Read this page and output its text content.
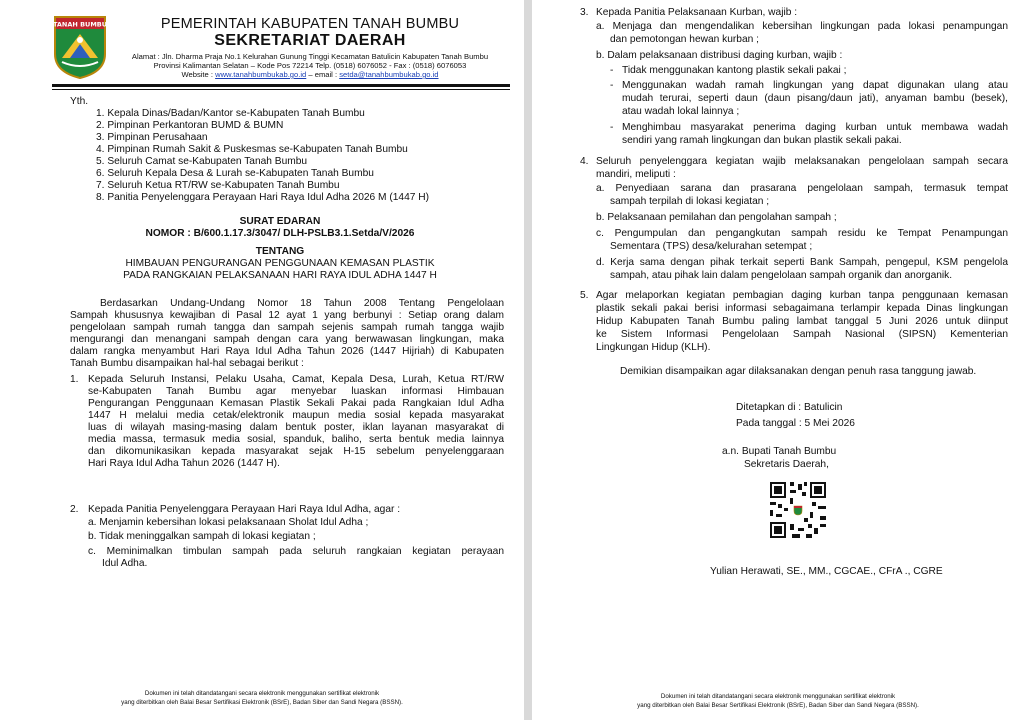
TANAH BUMBU	PEMERINTAH KABUPATEN TANAH BUMBU
SEKRETARIAT DAERAH
Alamat : Jln. Dharma Praja No.1 Kelurahan Gunung Tinggi Kecamatan Batulicin Kabupaten Tanah Bumbu
Provinsi Kalimantan Selatan – Kode Pos 72214 Telp. (0518) 6076052 - Fax : (0518) 6076053
Website : www.tanahbumbukab.go.id – email : setda@tanahbumbukab.go.id
Yth.
1. Kepala Dinas/Badan/Kantor se-Kabupaten Tanah Bumbu
2. Pimpinan Perkantoran BUMD & BUMN
3. Pimpinan Perusahaan
4. Pimpinan Rumah Sakit & Puskesmas se-Kabupaten Tanah Bumbu
5. Seluruh Camat se-Kabupaten Tanah Bumbu
6. Seluruh Kepala Desa & Lurah se-Kabupaten Tanah Bumbu
7. Seluruh Ketua RT/RW se-Kabupaten Tanah Bumbu
8. Panitia Penyelenggara Perayaan Hari Raya Idul Adha 2026 M (1447 H)
SURAT EDARAN
NOMOR : B/600.1.17.3/3047/ DLH-PSLB3.1.Setda/V/2026
TENTANG
HIMBAUAN PENGURANGAN PENGGUNAAN KEMASAN PLASTIK
PADA RANGKAIAN PELAKSANAAN HARI RAYA IDUL ADHA 1447 H
Berdasarkan Undang-Undang Nomor 18 Tahun 2008 Tentang Pengelolaan
Sampah khususnya kewajiban di Pasal 12 ayat 1 yang berbunyi : Setiap orang dalam
pengelolaan sampah rumah tangga dan sampah sejenis sampah rumah tangga wajib
mengurangi dan menangani sampah dengan cara yang berwawasan lingkungan, maka
dalam rangka menyambut Hari Raya Idul Adha Tahun 2026 (1447 Hijriah) di Kabupaten
Tanah Bumbu disampaikan hal-hal sebagai berikut :
1. Kepada Seluruh Instansi, Pelaku Usaha, Camat, Kepala Desa, Lurah, Ketua RT/RW
se-Kabupaten Tanah Bumbu agar menyebar luaskan informasi Himbauan
Pengurangan Penggunaan Kemasan Plastik Sekali Pakai pada Rangkaian Idul Adha
1447 H melalui media cetak/elektronik maupun media sosial kepada masyarakat
luas di wilayah masing-masing dalam bentuk poster, iklan layanan masyarakat di
media massa, termasuk media sosial, spanduk, baliho, serta bentuk media lainnya
dan dikomunikasikan kepada masyarakat sejak H-15 sebelum penyelenggaraan
Hari Raya Idul Adha Tahun 2026 (1447 H).
2. Kepada Panitia Penyelenggara Perayaan Hari Raya Idul Adha, agar :
a. Menjamin kebersihan lokasi pelaksanaan Sholat Idul Adha ;
b. Tidak meninggalkan sampah di lokasi kegiatan ;
c. Meminimalkan timbulan sampah pada seluruh rangkaian kegiatan perayaan
Idul Adha.
Dokumen ini telah ditandatangani secara elektronik menggunakan sertifikat elektronik
yang diterbitkan oleh Balai Besar Sertifikasi Elektronik (BSrE), Badan Siber dan Sandi Negara (BSSN).
3. Kepada Panitia Pelaksanaan Kurban, wajib :
a. Menjaga dan mengendalikan kebersihan lingkungan pada lokasi penampungan
dan pemotongan hewan kurban ;
b. Dalam pelaksanaan distribusi daging kurban, wajib :
- Tidak menggunakan kantong plastik sekali pakai ;
- Menggunakan wadah ramah lingkungan yang dapat digunakan ulang atau
mudah terurai, seperti daun (daun pisang/daun jati), anyaman bambu (besek),
atau wadah lokal lainnya ;
- Menghimbau masyarakat penerima daging kurban untuk membawa wadah
sendiri yang ramah lingkungan dan bukan plastik sekali pakai.
4. Seluruh penyelenggara kegiatan wajib melaksanakan pengelolaan sampah secara
mandiri, meliputi :
a. Penyediaan sarana dan prasarana pengelolaan sampah, termasuk tempat
sampah terpilah di lokasi kegiatan ;
b. Pelaksanaan pemilahan dan pengolahan sampah ;
c. Pengumpulan dan pengangkutan sampah residu ke Tempat Penampungan
Sementara (TPS) desa/kelurahan setempat ;
d. Kerja sama dengan pihak terkait seperti Bank Sampah, pengepul, KSM pengelola
sampah, atau pihak lain dalam pengelolaan sampah organik dan anorganik.
5. Agar melaporkan kegiatan pembagian daging kurban tanpa penggunaan kemasan
plastik sekali pakai berisi informasi sebagaimana terlampir kepada Dinas lingkungan
Hidup Kabupaten Tanah Bumbu paling lambat tanggal 5 Juni 2026 untuk diinput
ke Sistem Informasi Pengelolaan Sampah Nasional (SIPSN) Kementerian
Lingkungan Hidup (KLH).
Demikian disampaikan agar dilaksanakan dengan penuh rasa tanggung jawab.
Ditetapkan di : Batulicin
Pada tanggal : 5 Mei 2026
a.n. Bupati Tanah Bumbu
Sekretaris Daerah,
Yulian Herawati, SE., MM., CGCAE., CFrA ., CGRE
Dokumen ini telah ditandatangani secara elektronik menggunakan sertifikat elektronik
yang diterbitkan oleh Balai Besar Sertifikasi Elektronik (BSrE), Badan Siber dan Sandi Negara (BSSN).
